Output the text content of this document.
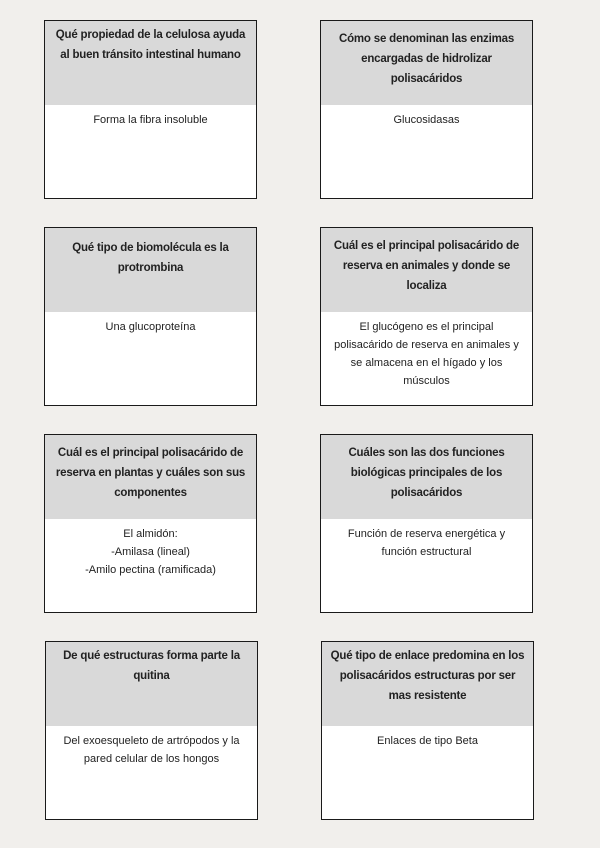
Qué propiedad de la celulosa ayuda al buen tránsito intestinal humano
Forma la fibra insoluble
Cómo se denominan las enzimas encargadas de hidrolizar polisacáridos
Glucosidasas
Qué tipo de biomolécula es la protrombina
Una glucoproteína
Cuál es el principal polisacárido de reserva en animales y donde se localiza
El glucógeno es el principal polisacárido de reserva en animales y se almacena en el hígado y los músculos
Cuál es el principal polisacárido de reserva en plantas y cuáles son sus componentes
El almidón:
-Amilasa (lineal)
-Amilo pectina (ramificada)
Cuáles son las dos funciones biológicas principales de los polisacáridos
Función de reserva energética y función estructural
De qué estructuras forma parte la quitina
Del exoesqueleto de artrópodos y la pared celular de los hongos
Qué tipo de enlace predomina en los polisacáridos estructuras por ser mas resistente
Enlaces de tipo Beta
